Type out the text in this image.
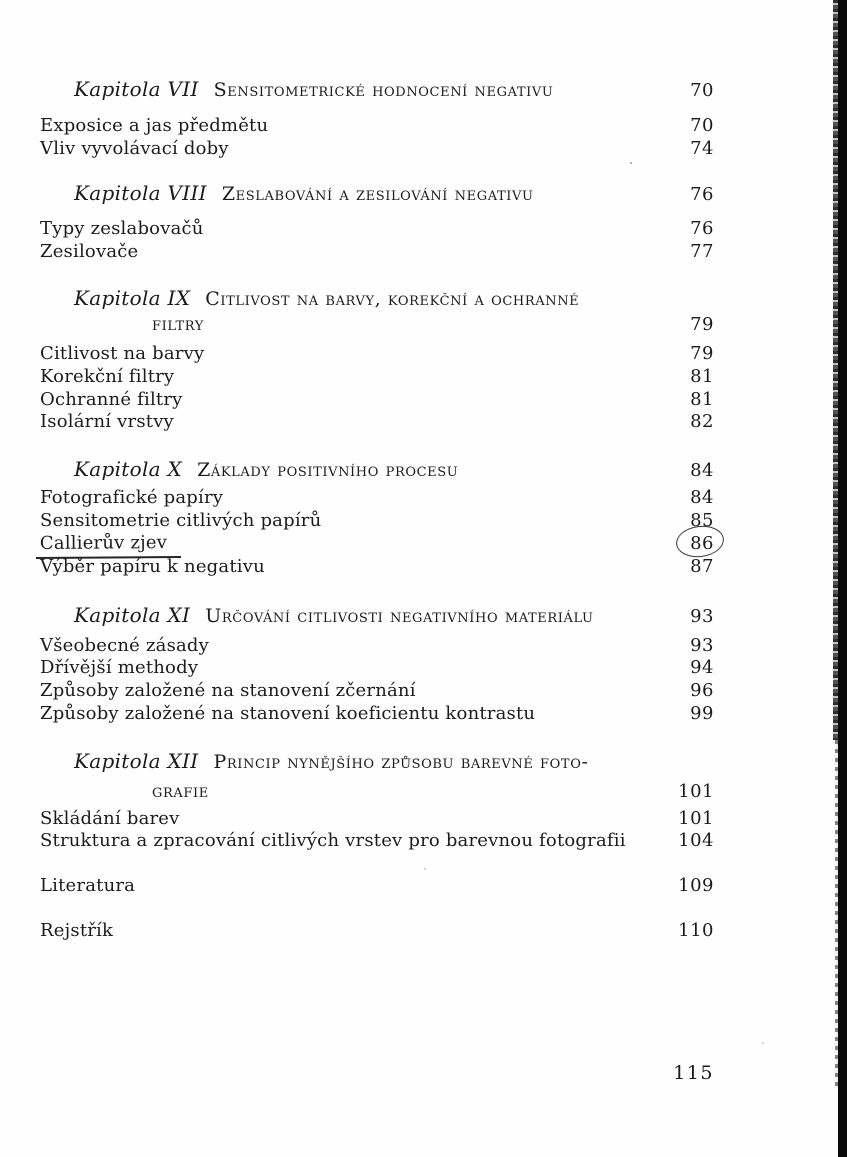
Kapitola VII Sensitometrické hodnocení negativu	70
Exposice a jas předmětu	70
Vliv vyvolávací doby	74
Kapitola VIII Zeslabování a zesilování negativu	76
Typy zeslabovačů	76
Zesilovače	77
Kapitola IX Citlivost na barvy, korekční a ochranné
filtry	79
Citlivost na barvy	79
Korekční filtry	81
Ochranné filtry	81
Isolární vrstvy	82
Kapitola X Základy positivního procesu	84
Fotografické papíry	84
Sensitometrie citlivých papírů	85
Callierův zjev	86
Výběr papíru k negativu	87
Kapitola XI Určování citlivosti negativního materiálu	93
Všeobecné zásady	93
Dřívější methody	94
Způsoby založené na stanovení zčernání	96
Způsoby založené na stanovení koeficientu kontrastu	99
Kapitola XII Princip nynějšího způsobu barevné foto-
grafie	101
Skládání barev	101
Struktura a zpracování citlivých vrstev pro barevnou fotografii	104
Literatura	109
Rejstřík	110
115
